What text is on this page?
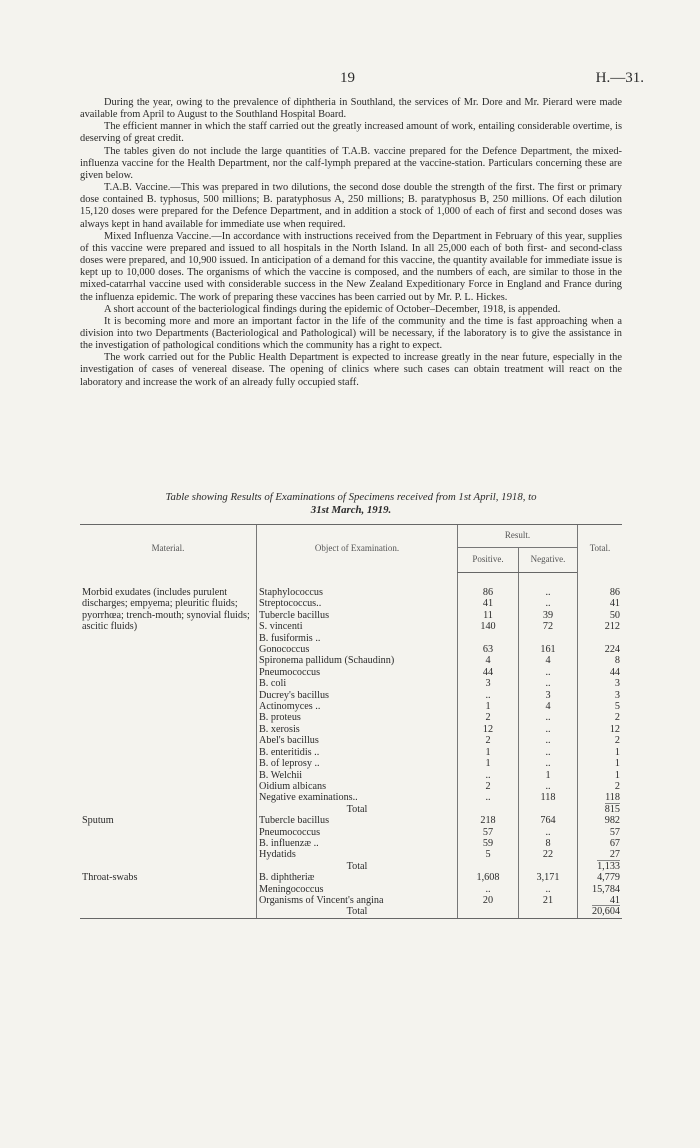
19	H.—31.

During the year, owing to the prevalence of diphtheria in Southland, the services of Mr. Dore and Mr. Pierard were made available from April to August to the Southland Hospital Board.

The efficient manner in which the staff carried out the greatly increased amount of work, entailing considerable overtime, is deserving of great credit.

The tables given do not include the large quantities of T.A.B. vaccine prepared for the Defence Department, the mixed-influenza vaccine for the Health Department, nor the calf-lymph prepared at the vaccine-station. Particulars concerning these are given below.

T.A.B. Vaccine.—This was prepared in two dilutions, the second dose double the strength of the first. The first or primary dose contained B. typhosus, 500 millions; B. paratyphosus A, 250 millions; B. paratyphosus B, 250 millions. Of each dilution 15,120 doses were prepared for the Defence Department, and in addition a stock of 1,000 of each of first and second doses was always kept in hand available for immediate use when required.

Mixed Influenza Vaccine.—In accordance with instructions received from the Department in February of this year, supplies of this vaccine were prepared and issued to all hospitals in the North Island. In all 25,000 each of both first- and second-class doses were prepared, and 10,900 issued. In anticipation of a demand for this vaccine, the quantity available for immediate issue is kept up to 10,000 doses. The organisms of which the vaccine is composed, and the numbers of each, are similar to those in the mixed-catarrhal vaccine used with considerable success in the New Zealand Expeditionary Force in England and France during the influenza epidemic. The work of preparing these vaccines has been carried out by Mr. P. L. Hickes.

A short account of the bacteriological findings during the epidemic of October–December, 1918, is appended.

It is becoming more and more an important factor in the life of the community and the time is fast approaching when a division into two Departments (Bacteriological and Pathological) will be necessary, if the laboratory is to give the assistance in the investigation of pathological conditions which the community has a right to expect.

The work carried out for the Public Health Department is expected to increase greatly in the near future, especially in the investigation of cases of venereal disease. The opening of clinics where such cases can obtain treatment will react on the laboratory and increase the work of an already fully occupied staff.

Table showing Results of Examinations of Specimens received from 1st April, 1918, to
31st March, 1919.
Material.	Object of Examination.	Result.		Total.
		Positive.	Negative.	

Morbid exudates (includes purulent discharges; empyema; pleuritic fluids; pyorrhœa; trench-mouth; synovial fluids; ascitic fluids)	Staphylococcus	86	..	86
	Streptococcus..	41	..	41
	Tubercle bacillus	11	39	50
	S. vincenti	140	72	212
	B. fusiformis ..			
	Gonococcus	63	161	224
	Spironema pallidum (Schaudinn)	4	4	8
	Pneumococcus	44	..	44
	B. coli	3	..	3
	Ducrey's bacillus	..	3	3
	Actinomyces ..	1	4	5
	B. proteus	2	..	2
	B. xerosis	12	..	12
	Abel's bacillus	2	..	2
	B. enteritidis ..	1	..	1
	B. of leprosy ..	1	..	1
	B. Welchii	..	1	1
	Oidium albicans	2	..	2
	Negative examinations..	..	118	118
	Total			815
Sputum	Tubercle bacillus	218	764	982
	Pneumococcus	57	..	57
	B. influenzæ ..	59	8	67
	Hydatids	5	22	27
	Total			1,133
Throat-swabs	B. diphtheriæ	1,608	3,171	4,779
	Meningococcus	..	..	15,784
	Organisms of Vincent's angina	20	21	41
	Total			20,604
